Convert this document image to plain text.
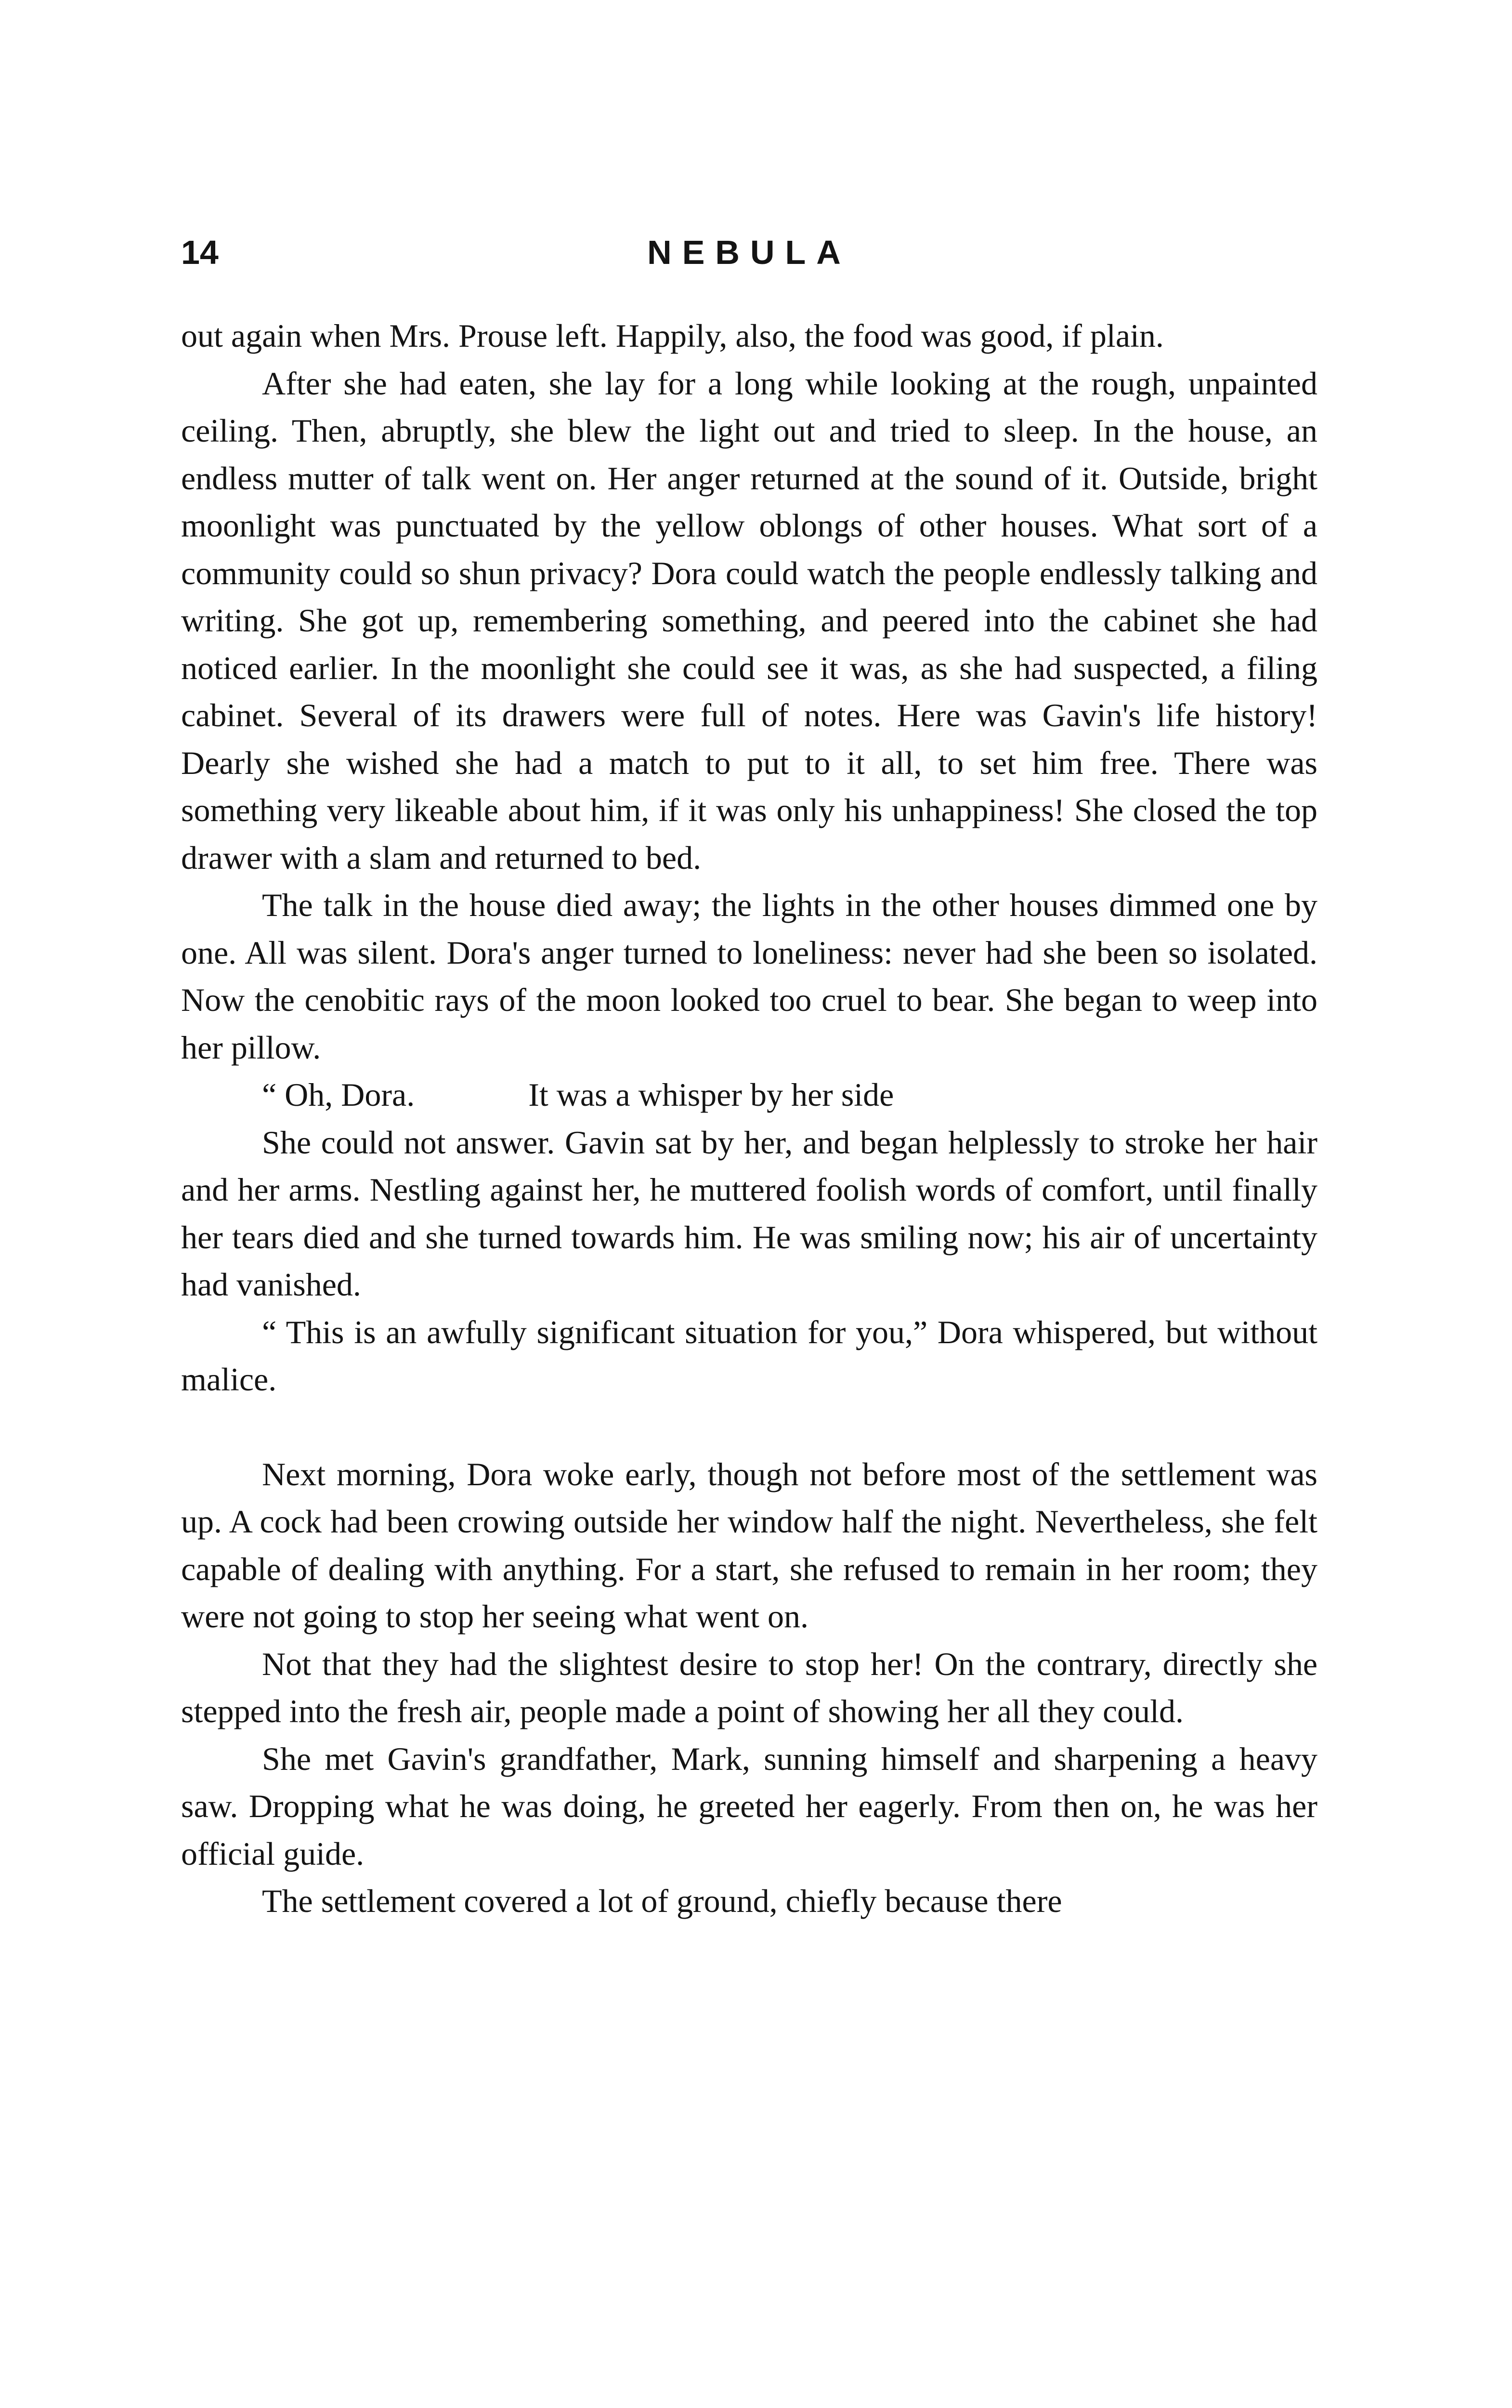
14	NEBULA

out again when Mrs. Prouse left. Happily, also, the food was good, if plain.

After she had eaten, she lay for a long while looking at the rough, unpainted ceiling. Then, abruptly, she blew the light out and tried to sleep. In the house, an endless mutter of talk went on. Her anger returned at the sound of it. Outside, bright moonlight was punctuated by the yellow oblongs of other houses. What sort of a community could so shun privacy? Dora could watch the people endlessly talking and writing. She got up, remembering something, and peered into the cabinet she had noticed earlier. In the moonlight she could see it was, as she had suspected, a filing cabinet. Several of its drawers were full of notes. Here was Gavin's life history! Dearly she wished she had a match to put to it all, to set him free. There was something very likeable about him, if it was only his unhappiness! She closed the top drawer with a slam and returned to bed.

The talk in the house died away; the lights in the other houses dimmed one by one. All was silent. Dora's anger turned to loneliness: never had she been so isolated. Now the cenobitic rays of the moon looked too cruel to bear. She began to weep into her pillow.

“ Oh, Dora.	It was a whisper by her side

She could not answer. Gavin sat by her, and began helplessly to stroke her hair and her arms. Nestling against her, he muttered foolish words of comfort, until finally her tears died and she turned towards him. He was smiling now; his air of uncertainty had vanished.

“ This is an awfully significant situation for you,” Dora whispered, but without malice.

Next morning, Dora woke early, though not before most of the settlement was up. A cock had been crowing outside her window half the night. Nevertheless, she felt capable of dealing with anything. For a start, she refused to remain in her room; they were not going to stop her seeing what went on.

Not that they had the slightest desire to stop her! On the contrary, directly she stepped into the fresh air, people made a point of showing her all they could.

She met Gavin's grandfather, Mark, sunning himself and sharpening a heavy saw. Dropping what he was doing, he greeted her eagerly. From then on, he was her official guide.

The settlement covered a lot of ground, chiefly because there
